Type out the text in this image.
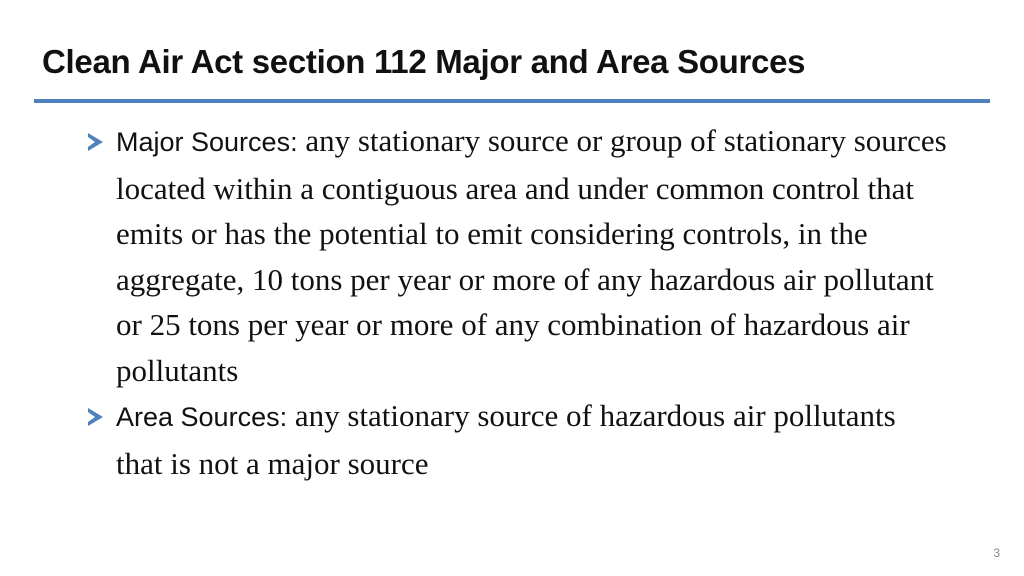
Clean Air Act section 112 Major and Area Sources
Major Sources: any stationary source or group of stationary sources located within a contiguous area and under common control that emits or has the potential to emit considering controls, in the aggregate, 10 tons per year or more of any hazardous air pollutant or 25 tons per year or more of any combination of hazardous air pollutants
Area Sources: any stationary source of hazardous air pollutants that is not a major source
3
